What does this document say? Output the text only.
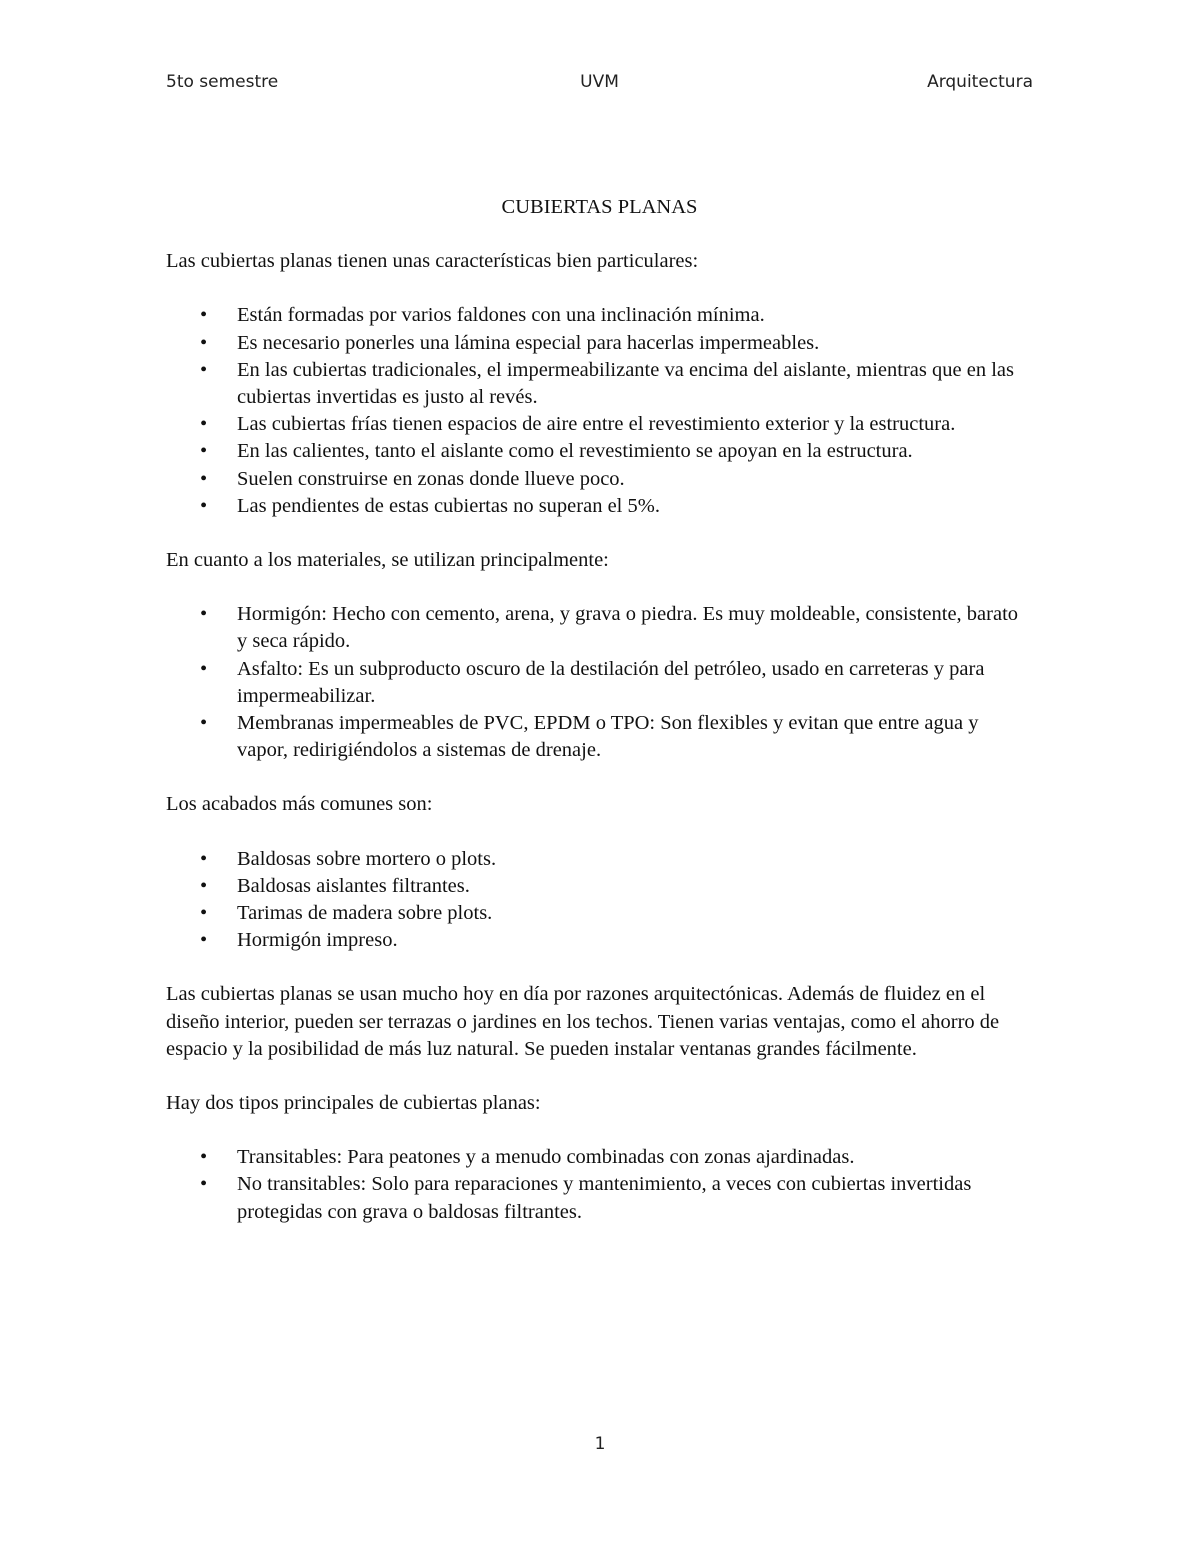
5to semestre	UVM	Arquitectura
CUBIERTAS PLANAS

Las cubiertas planas tienen unas características bien particulares:

• Están formadas por varios faldones con una inclinación mínima.
• Es necesario ponerles una lámina especial para hacerlas impermeables.
• En las cubiertas tradicionales, el impermeabilizante va encima del aislante, mientras que en las cubiertas invertidas es justo al revés.
• Las cubiertas frías tienen espacios de aire entre el revestimiento exterior y la estructura.
• En las calientes, tanto el aislante como el revestimiento se apoyan en la estructura.
• Suelen construirse en zonas donde llueve poco.
• Las pendientes de estas cubiertas no superan el 5%.

En cuanto a los materiales, se utilizan principalmente:

• Hormigón: Hecho con cemento, arena, y grava o piedra. Es muy moldeable, consistente, barato y seca rápido.
• Asfalto: Es un subproducto oscuro de la destilación del petróleo, usado en carreteras y para impermeabilizar.
• Membranas impermeables de PVC, EPDM o TPO: Son flexibles y evitan que entre agua y vapor, redirigiéndolos a sistemas de drenaje.

Los acabados más comunes son:

• Baldosas sobre mortero o plots.
• Baldosas aislantes filtrantes.
• Tarimas de madera sobre plots.
• Hormigón impreso.

Las cubiertas planas se usan mucho hoy en día por razones arquitectónicas. Además de fluidez en el diseño interior, pueden ser terrazas o jardines en los techos. Tienen varias ventajas, como el ahorro de espacio y la posibilidad de más luz natural. Se pueden instalar ventanas grandes fácilmente.

Hay dos tipos principales de cubiertas planas:

• Transitables: Para peatones y a menudo combinadas con zonas ajardinadas.
• No transitables: Solo para reparaciones y mantenimiento, a veces con cubiertas invertidas protegidas con grava o baldosas filtrantes.
1
